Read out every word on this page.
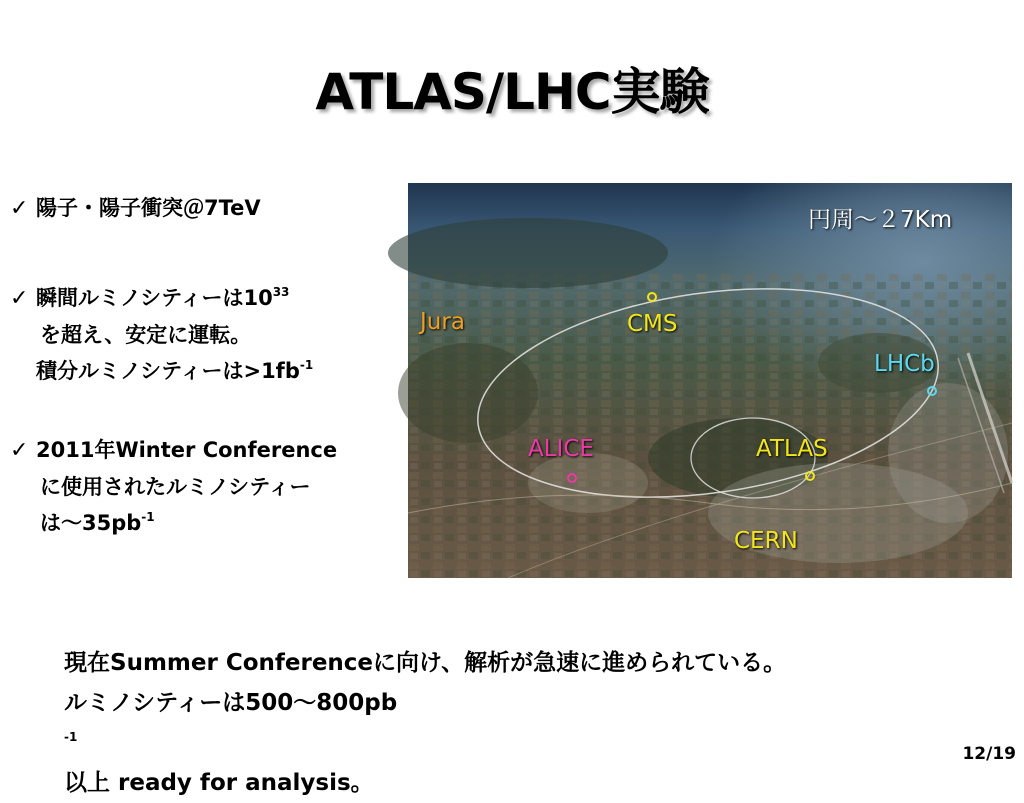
ATLAS/LHC実験
✓ 陽子・陽子衝突＠7TeV
✓ 瞬間ルミノシティーは$10^{33}$
を超え、安定に運転。
積分ルミノシティーは$>1fb^{-1}$
✓ 2011年Winter Conference
に使用されたルミノシティー
は$\sim 35pb^{-1}$
円周～２7Km
Jura	CMS
LHCb
ALICE	ATLAS
CERN
現在Summer Conferenceに向け、解析が急速に進められている。
ルミノシティーは500～800pb
$^{-1}$
以上 ready for analysis。
12/19
